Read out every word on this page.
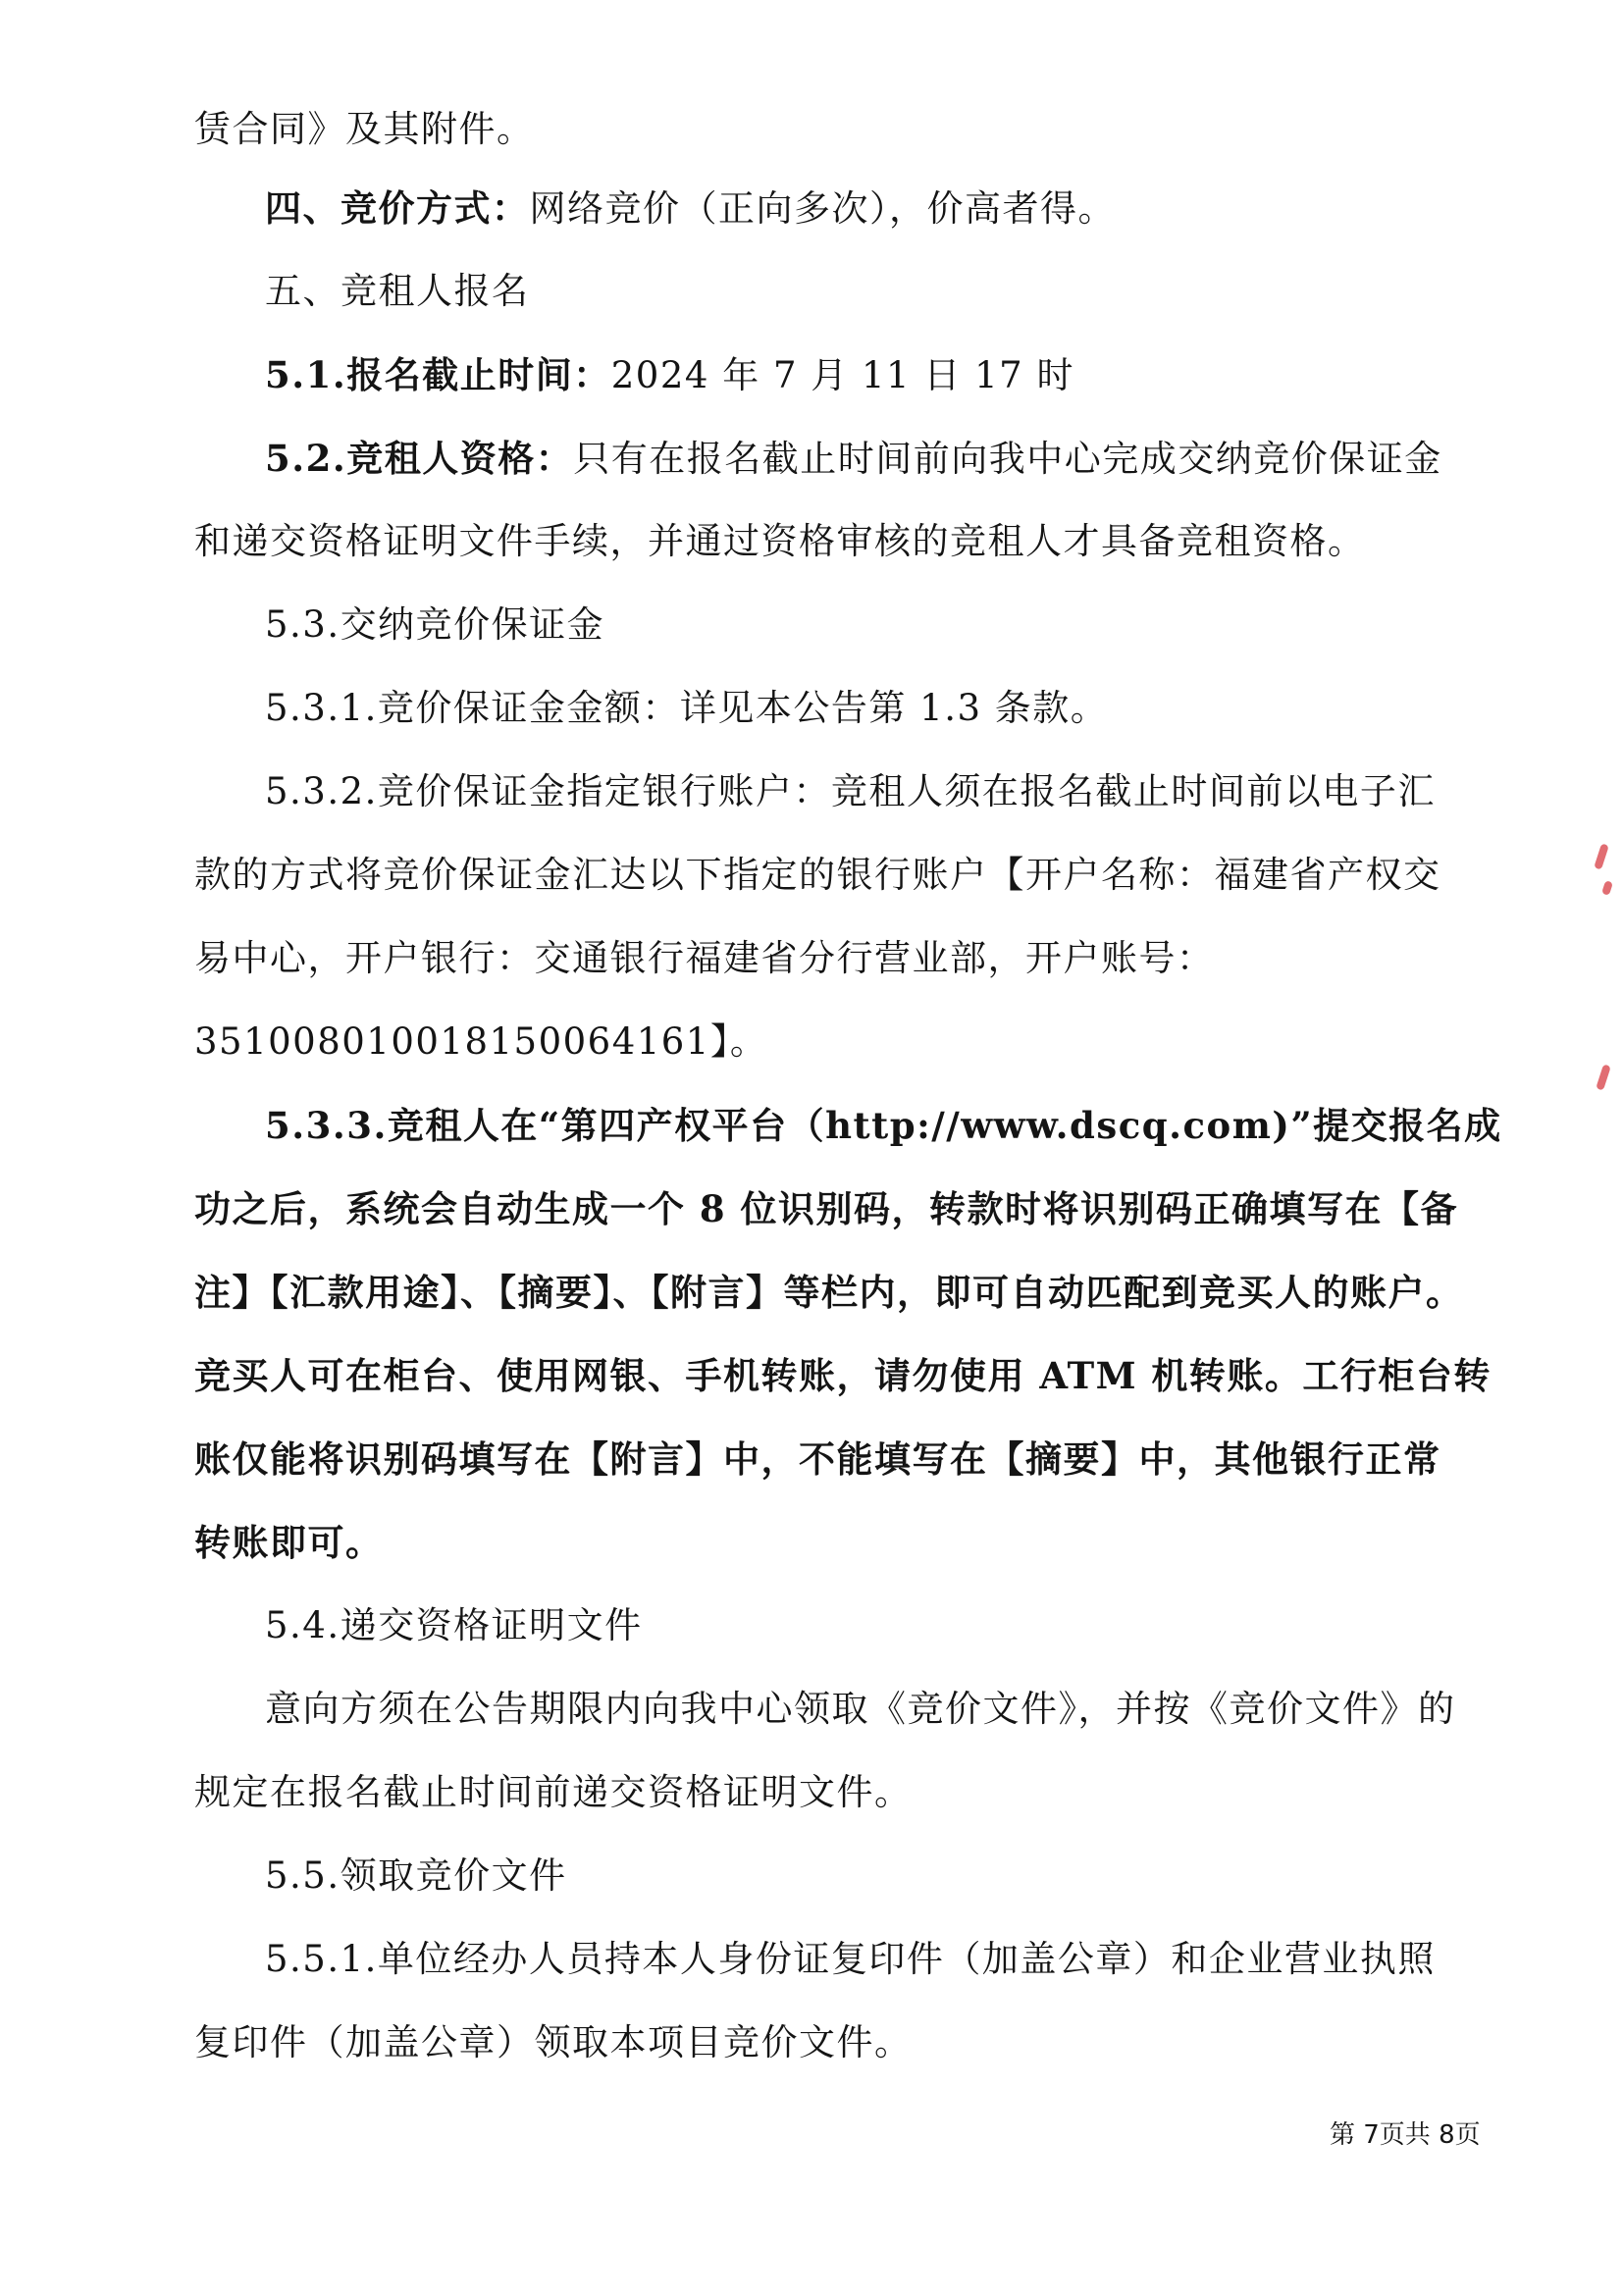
赁合同》及其附件。
四、竞价方式：网络竞价（正向多次），价高者得。
五、竞租人报名
5.1.报名截止时间：2024 年 7 月 11 日 17 时
5.2.竞租人资格：只有在报名截止时间前向我中心完成交纳竞价保证金
和递交资格证明文件手续，并通过资格审核的竞租人才具备竞租资格。
5.3.交纳竞价保证金
5.3.1.竞价保证金金额：详见本公告第 1.3 条款。
5.3.2.竞价保证金指定银行账户：竞租人须在报名截止时间前以电子汇
款的方式将竞价保证金汇达以下指定的银行账户【开户名称：福建省产权交
易中心，开户银行：交通银行福建省分行营业部，开户账号：
351008010018150064161】。
5.3.3.竞租人在“第四产权平台（http://www.dscq.com)”提交报名成
功之后，系统会自动生成一个 8 位识别码，转款时将识别码正确填写在【备
注】【汇款用途】、【摘要】、【附言】等栏内，即可自动匹配到竞买人的账户。
竞买人可在柜台、使用网银、手机转账，请勿使用 ATM 机转账。工行柜台转
账仅能将识别码填写在【附言】中，不能填写在【摘要】中，其他银行正常
转账即可。
5.4.递交资格证明文件
意向方须在公告期限内向我中心领取《竞价文件》，并按《竞价文件》的
规定在报名截止时间前递交资格证明文件。
5.5.领取竞价文件
5.5.1.单位经办人员持本人身份证复印件（加盖公章）和企业营业执照
复印件（加盖公章）领取本项目竞价文件。
第 7页共 8页
